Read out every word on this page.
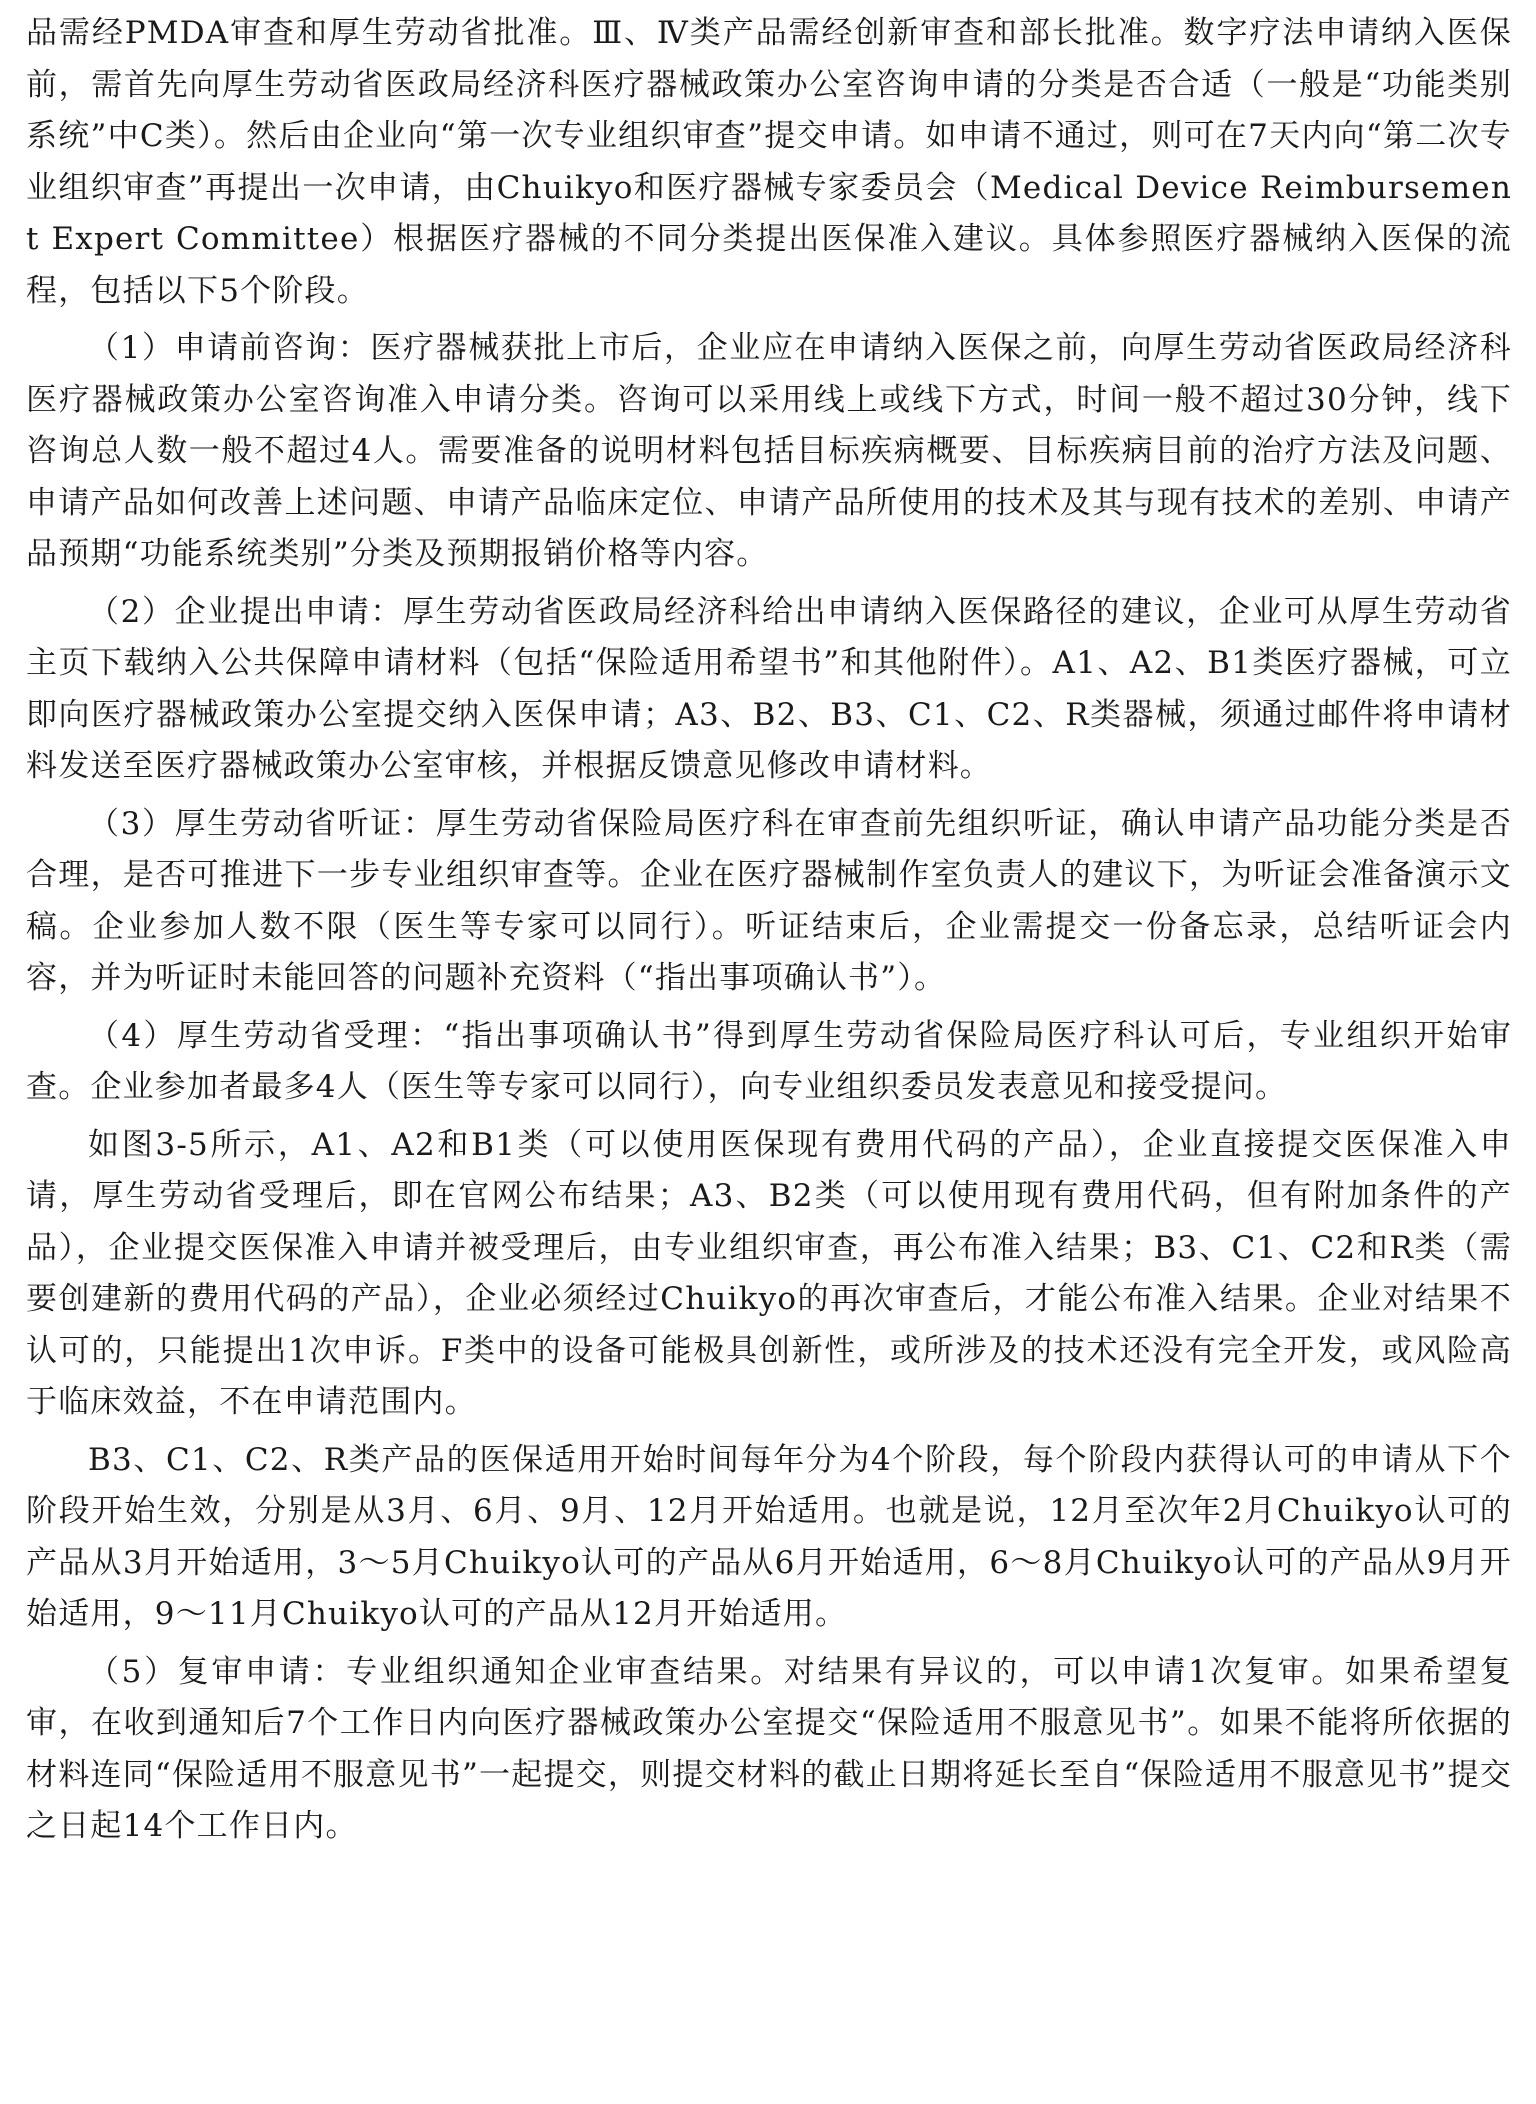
品需经PMDA审查和厚生劳动省批准。Ⅲ、Ⅳ类产品需经创新审查和部长批准。数字疗法申请纳入医保前，需首先向厚生劳动省医政局经济科医疗器械政策办公室咨询申请的分类是否合适（一般是“功能类别系统”中C类）。然后由企业向“第一次专业组织审查”提交申请。如申请不通过，则可在7天内向“第二次专业组织审查”再提出一次申请，由Chuikyo和医疗器械专家委员会（Medical Device Reimbursement Expert Committee）根据医疗器械的不同分类提出医保准入建议。具体参照医疗器械纳入医保的流程，包括以下5个阶段。

（1）申请前咨询：医疗器械获批上市后，企业应在申请纳入医保之前，向厚生劳动省医政局经济科医疗器械政策办公室咨询准入申请分类。咨询可以采用线上或线下方式，时间一般不超过30分钟，线下咨询总人数一般不超过4人。需要准备的说明材料包括目标疾病概要、目标疾病目前的治疗方法及问题、申请产品如何改善上述问题、申请产品临床定位、申请产品所使用的技术及其与现有技术的差别、申请产品预期“功能系统类别”分类及预期报销价格等内容。

（2）企业提出申请：厚生劳动省医政局经济科给出申请纳入医保路径的建议，企业可从厚生劳动省主页下载纳入公共保障申请材料（包括“保险适用希望书”和其他附件）。A1、A2、B1类医疗器械，可立即向医疗器械政策办公室提交纳入医保申请；A3、B2、B3、C1、C2、R类器械，须通过邮件将申请材料发送至医疗器械政策办公室审核，并根据反馈意见修改申请材料。

（3）厚生劳动省听证：厚生劳动省保险局医疗科在审查前先组织听证，确认申请产品功能分类是否合理，是否可推进下一步专业组织审查等。企业在医疗器械制作室负责人的建议下，为听证会准备演示文稿。企业参加人数不限（医生等专家可以同行）。听证结束后，企业需提交一份备忘录，总结听证会内容，并为听证时未能回答的问题补充资料（“指出事项确认书”）。

（4）厚生劳动省受理：“指出事项确认书”得到厚生劳动省保险局医疗科认可后，专业组织开始审查。企业参加者最多4人（医生等专家可以同行），向专业组织委员发表意见和接受提问。

如图3-5所示，A1、A2和B1类（可以使用医保现有费用代码的产品），企业直接提交医保准入申请，厚生劳动省受理后，即在官网公布结果；A3、B2类（可以使用现有费用代码，但有附加条件的产品），企业提交医保准入申请并被受理后，由专业组织审查，再公布准入结果；B3、C1、C2和R类（需要创建新的费用代码的产品），企业必须经过Chuikyo的再次审查后，才能公布准入结果。企业对结果不认可的，只能提出1次申诉。F类中的设备可能极具创新性，或所涉及的技术还没有完全开发，或风险高于临床效益，不在申请范围内。

B3、C1、C2、R类产品的医保适用开始时间每年分为4个阶段，每个阶段内获得认可的申请从下个阶段开始生效，分别是从3月、6月、9月、12月开始适用。也就是说，12月至次年2月Chuikyo认可的产品从3月开始适用，3～5月Chuikyo认可的产品从6月开始适用，6～8月Chuikyo认可的产品从9月开始适用，9～11月Chuikyo认可的产品从12月开始适用。

（5）复审申请：专业组织通知企业审查结果。对结果有异议的，可以申请1次复审。如果希望复审，在收到通知后7个工作日内向医疗器械政策办公室提交“保险适用不服意见书”。如果不能将所依据的材料连同“保险适用不服意见书”一起提交，则提交材料的截止日期将延长至自“保险适用不服意见书”提交之日起14个工作日内。
